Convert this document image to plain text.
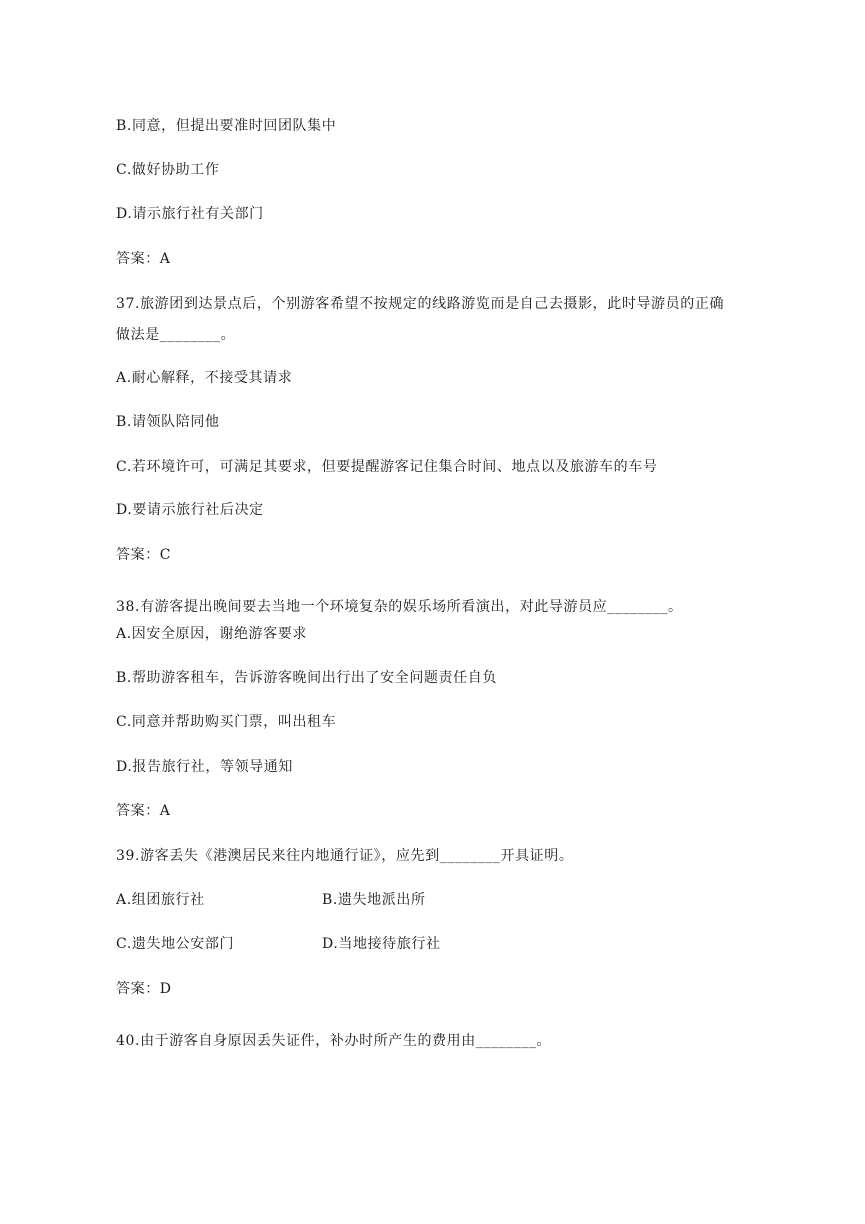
B.同意，但提出要准时回团队集中
C.做好协助工作
D.请示旅行社有关部门
答案：A
37.旅游团到达景点后，个别游客希望不按规定的线路游览而是自己去摄影，此时导游员的正确
做法是________。
A.耐心解释，不接受其请求
B.请领队陪同他
C.若环境许可，可满足其要求，但要提醒游客记住集合时间、地点以及旅游车的车号
D.要请示旅行社后决定
答案：C
38.有游客提出晚间要去当地一个环境复杂的娱乐场所看演出，对此导游员应________。
A.因安全原因，谢绝游客要求
B.帮助游客租车，告诉游客晚间出行出了安全问题责任自负
C.同意并帮助购买门票，叫出租车
D.报告旅行社，等领导通知
答案：A
39.游客丢失《港澳居民来往内地通行证》，应先到________开具证明。
A.组团旅行社	B.遗失地派出所
C.遗失地公安部门	D.当地接待旅行社
答案：D
40.由于游客自身原因丢失证件，补办时所产生的费用由________。
